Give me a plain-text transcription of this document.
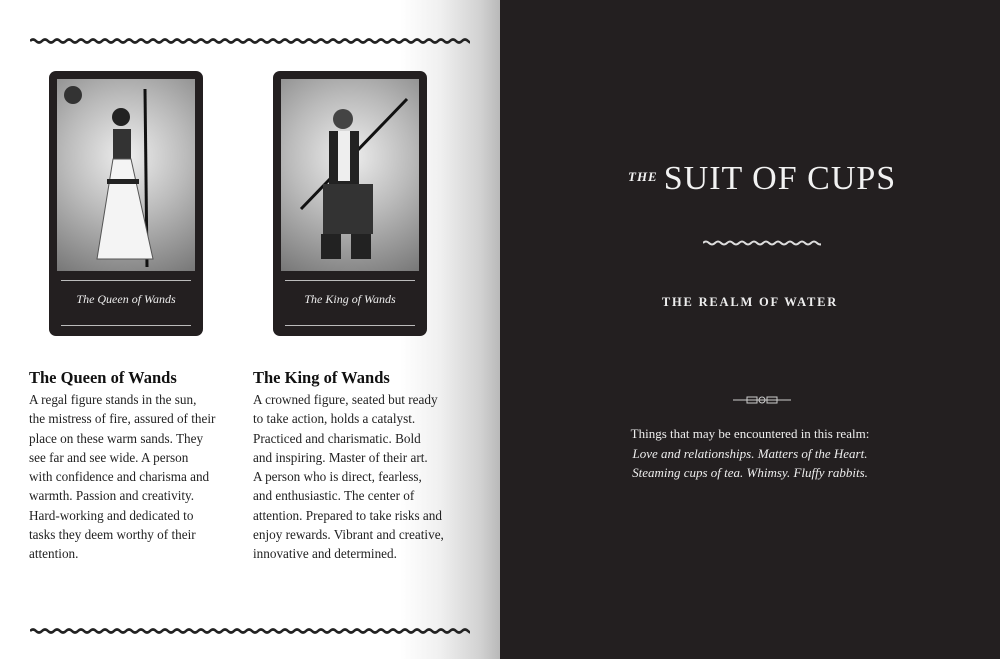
The Queen of Wands	The King of Wands
The Queen of Wands
A regal figure stands in the sun,
the mistress of fire, assured of their
place on these warm sands. They
see far and see wide. A person
with confidence and charisma and
warmth. Passion and creativity.
Hard-working and dedicated to
tasks they deem worthy of their
attention.
The King of Wands
A crowned figure, seated but ready
to take action, holds a catalyst.
Practiced and charismatic. Bold
and inspiring. Master of their art.
A person who is direct, fearless,
and enthusiastic. The center of
attention. Prepared to take risks and
enjoy rewards. Vibrant and creative,
innovative and determined.
$^{THE}$ SUIT OF CUPS
THE REALM OF WATER
Things that may be encountered in this realm:
Love and relationships. Matters of the Heart.
Steaming cups of tea. Whimsy. Fluffy rabbits.
